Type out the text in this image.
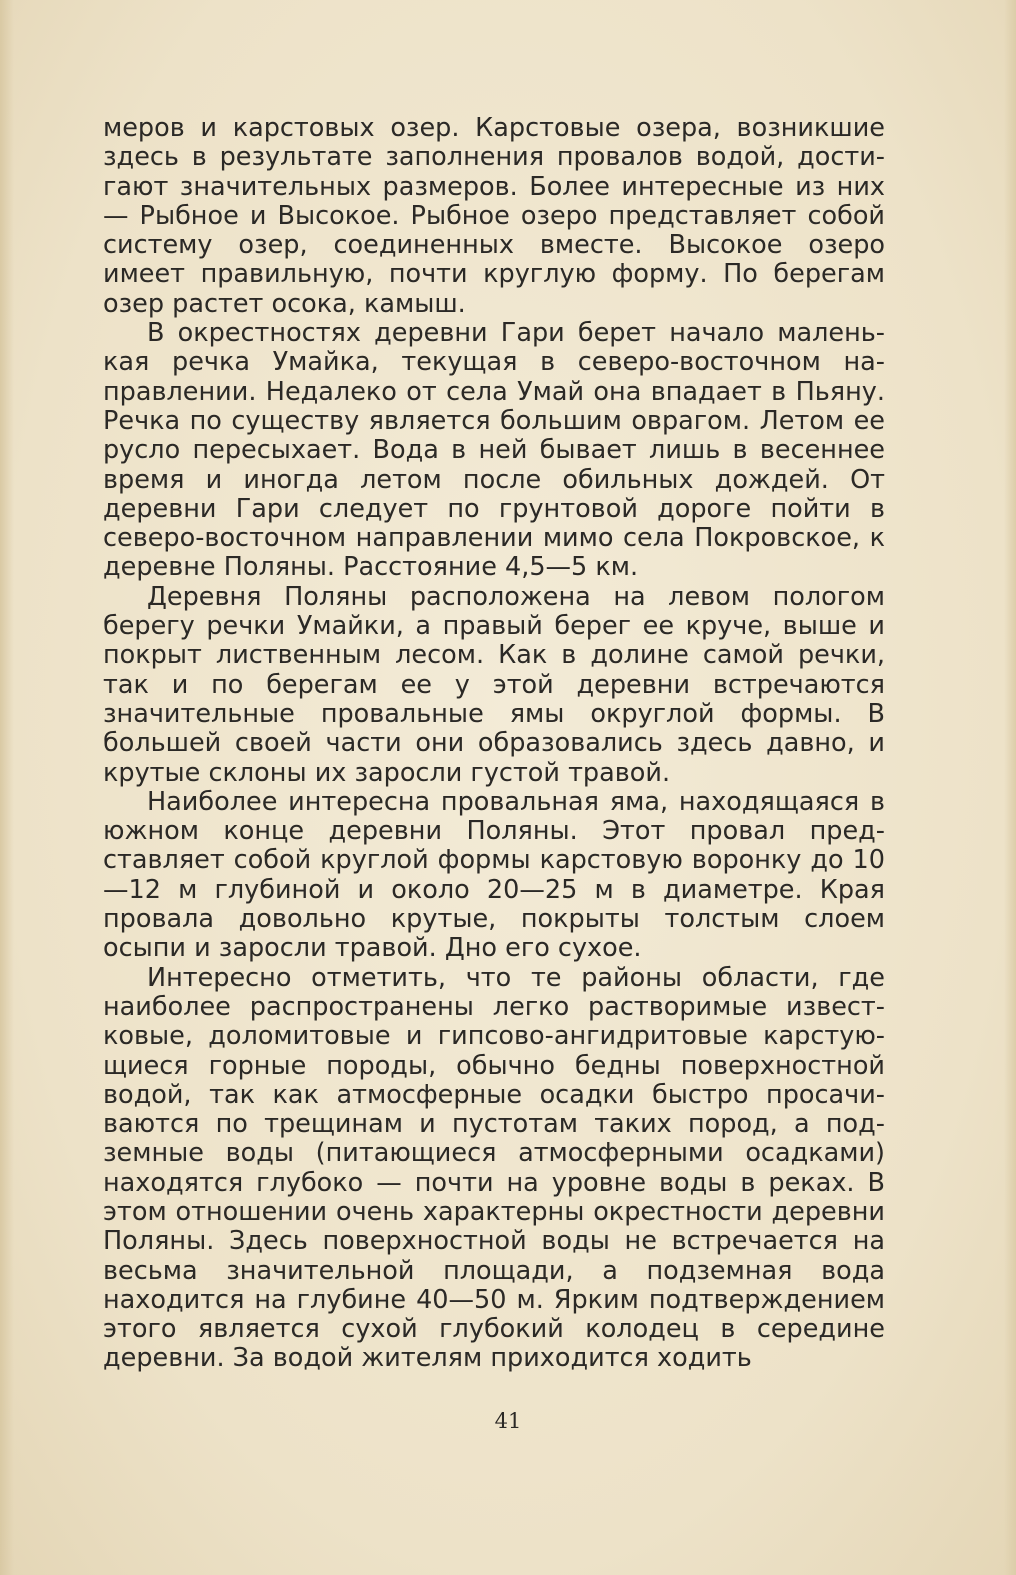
меров и карстовых озер. Карстовые озера, возникшие здесь в результате заполнения провалов водой, достигают значительных размеров. Более интересные из них — Рыбное и Высокое. Рыбное озеро представляет собой систему озер, соединенных вместе. Высокое озеро имеет правильную, почти круглую форму. По берегам озер растет осока, камыш.

В окрестностях деревни Гари берет начало маленькая речка Умайка, текущая в северо-восточном направлении. Недалеко от села Умай она впадает в Пьяну. Речка по существу является большим оврагом. Летом ее русло пересыхает. Вода в ней бывает лишь в весеннее время и иногда летом после обильных дождей. От деревни Гари следует по грунтовой дороге пойти в северо-восточном направлении мимо села Покровское, к деревне Поляны. Расстояние 4,5—5 км.

Деревня Поляны расположена на левом пологом берегу речки Умайки, а правый берег ее круче, выше и покрыт лиственным лесом. Как в долине самой речки, так и по берегам ее у этой деревни встречаются значительные провальные ямы округлой формы. В большей своей части они образовались здесь давно, и крутые склоны их заросли густой травой.

Наиболее интересна провальная яма, находящаяся в южном конце деревни Поляны. Этот провал представляет собой круглой формы карстовую воронку до 10—12 м глубиной и около 20—25 м в диаметре. Края провала довольно крутые, покрыты толстым слоем осыпи и заросли травой. Дно его сухое.

Интересно отметить, что те районы области, где наиболее распространены легко растворимые известковые, доломитовые и гипсово-ангидритовые карстующиеся горные породы, обычно бедны поверхностной водой, так как атмосферные осадки быстро просачиваются по трещинам и пустотам таких пород, а подземные воды (питающиеся атмосферными осадками) находятся глубоко — почти на уровне воды в реках. В этом отношении очень характерны окрестности деревни Поляны. Здесь поверхностной воды не встречается на весьма значительной площади, а подземная вода находится на глубине 40—50 м. Ярким подтверждением этого является сухой глубокий колодец в середине деревни. За водой жителям приходится ходить

41
